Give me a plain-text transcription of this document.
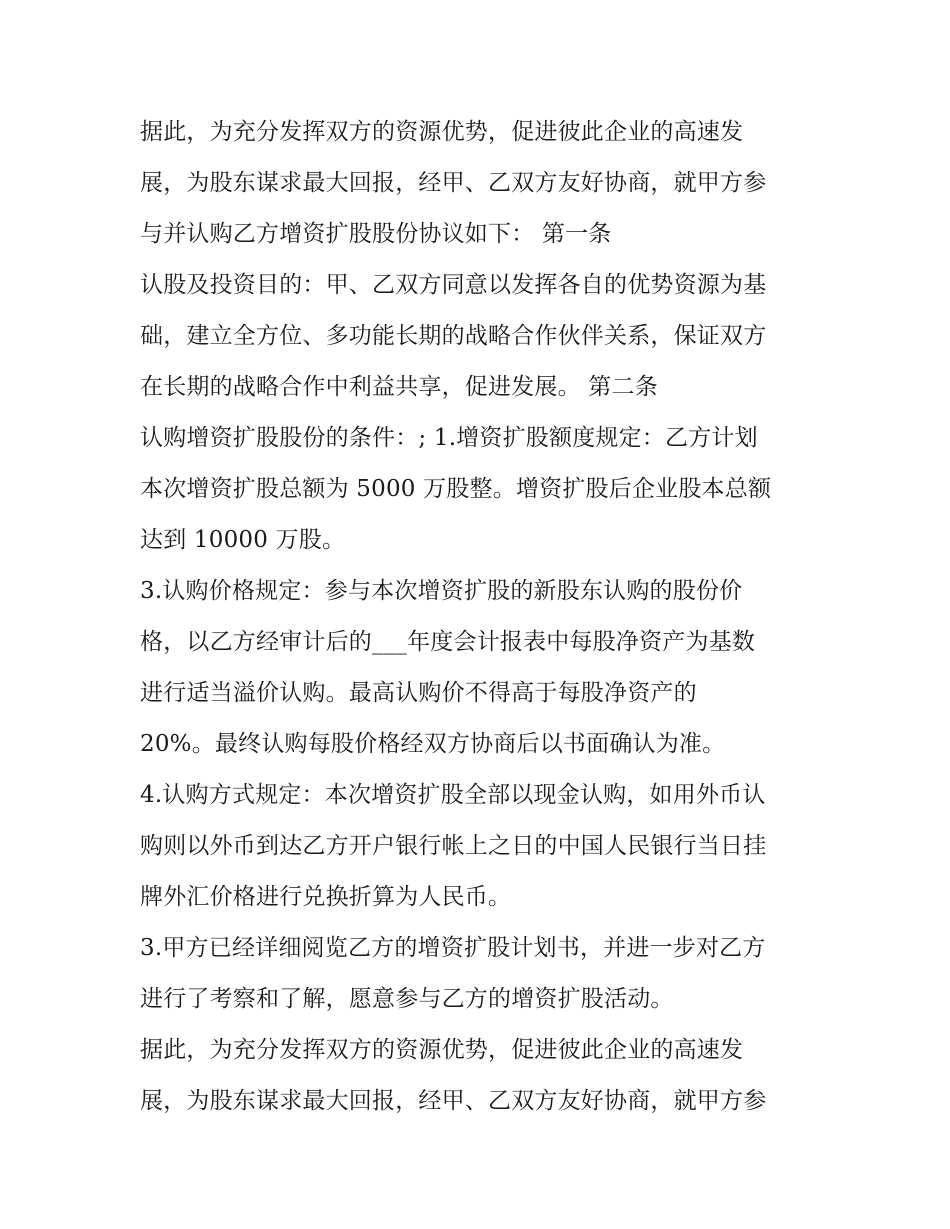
据此，为充分发挥双方的资源优势，促进彼此企业的高速发
展，为股东谋求最大回报，经甲、乙双方友好协商，就甲方参
与并认购乙方增资扩股股份协议如下： 第一条
认股及投资目的：甲、乙双方同意以发挥各自的优势资源为基
础，建立全方位、多功能长期的战略合作伙伴关系，保证双方
在长期的战略合作中利益共享，促进发展。 第二条
认购增资扩股股份的条件：; 1.增资扩股额度规定：乙方计划
本次增资扩股总额为 5000 万股整。增资扩股后企业股本总额
达到 10000 万股。
3.认购价格规定：参与本次增资扩股的新股东认购的股份价
格，以乙方经审计后的___年度会计报表中每股净资产为基数
进行适当溢价认购。最高认购价不得高于每股净资产的
20%。最终认购每股价格经双方协商后以书面确认为准。
4.认购方式规定：本次增资扩股全部以现金认购，如用外币认
购则以外币到达乙方开户银行帐上之日的中国人民银行当日挂
牌外汇价格进行兑换折算为人民币。
3.甲方已经详细阅览乙方的增资扩股计划书，并进一步对乙方
进行了考察和了解，愿意参与乙方的增资扩股活动。
据此，为充分发挥双方的资源优势，促进彼此企业的高速发
展，为股东谋求最大回报，经甲、乙双方友好协商，就甲方参
